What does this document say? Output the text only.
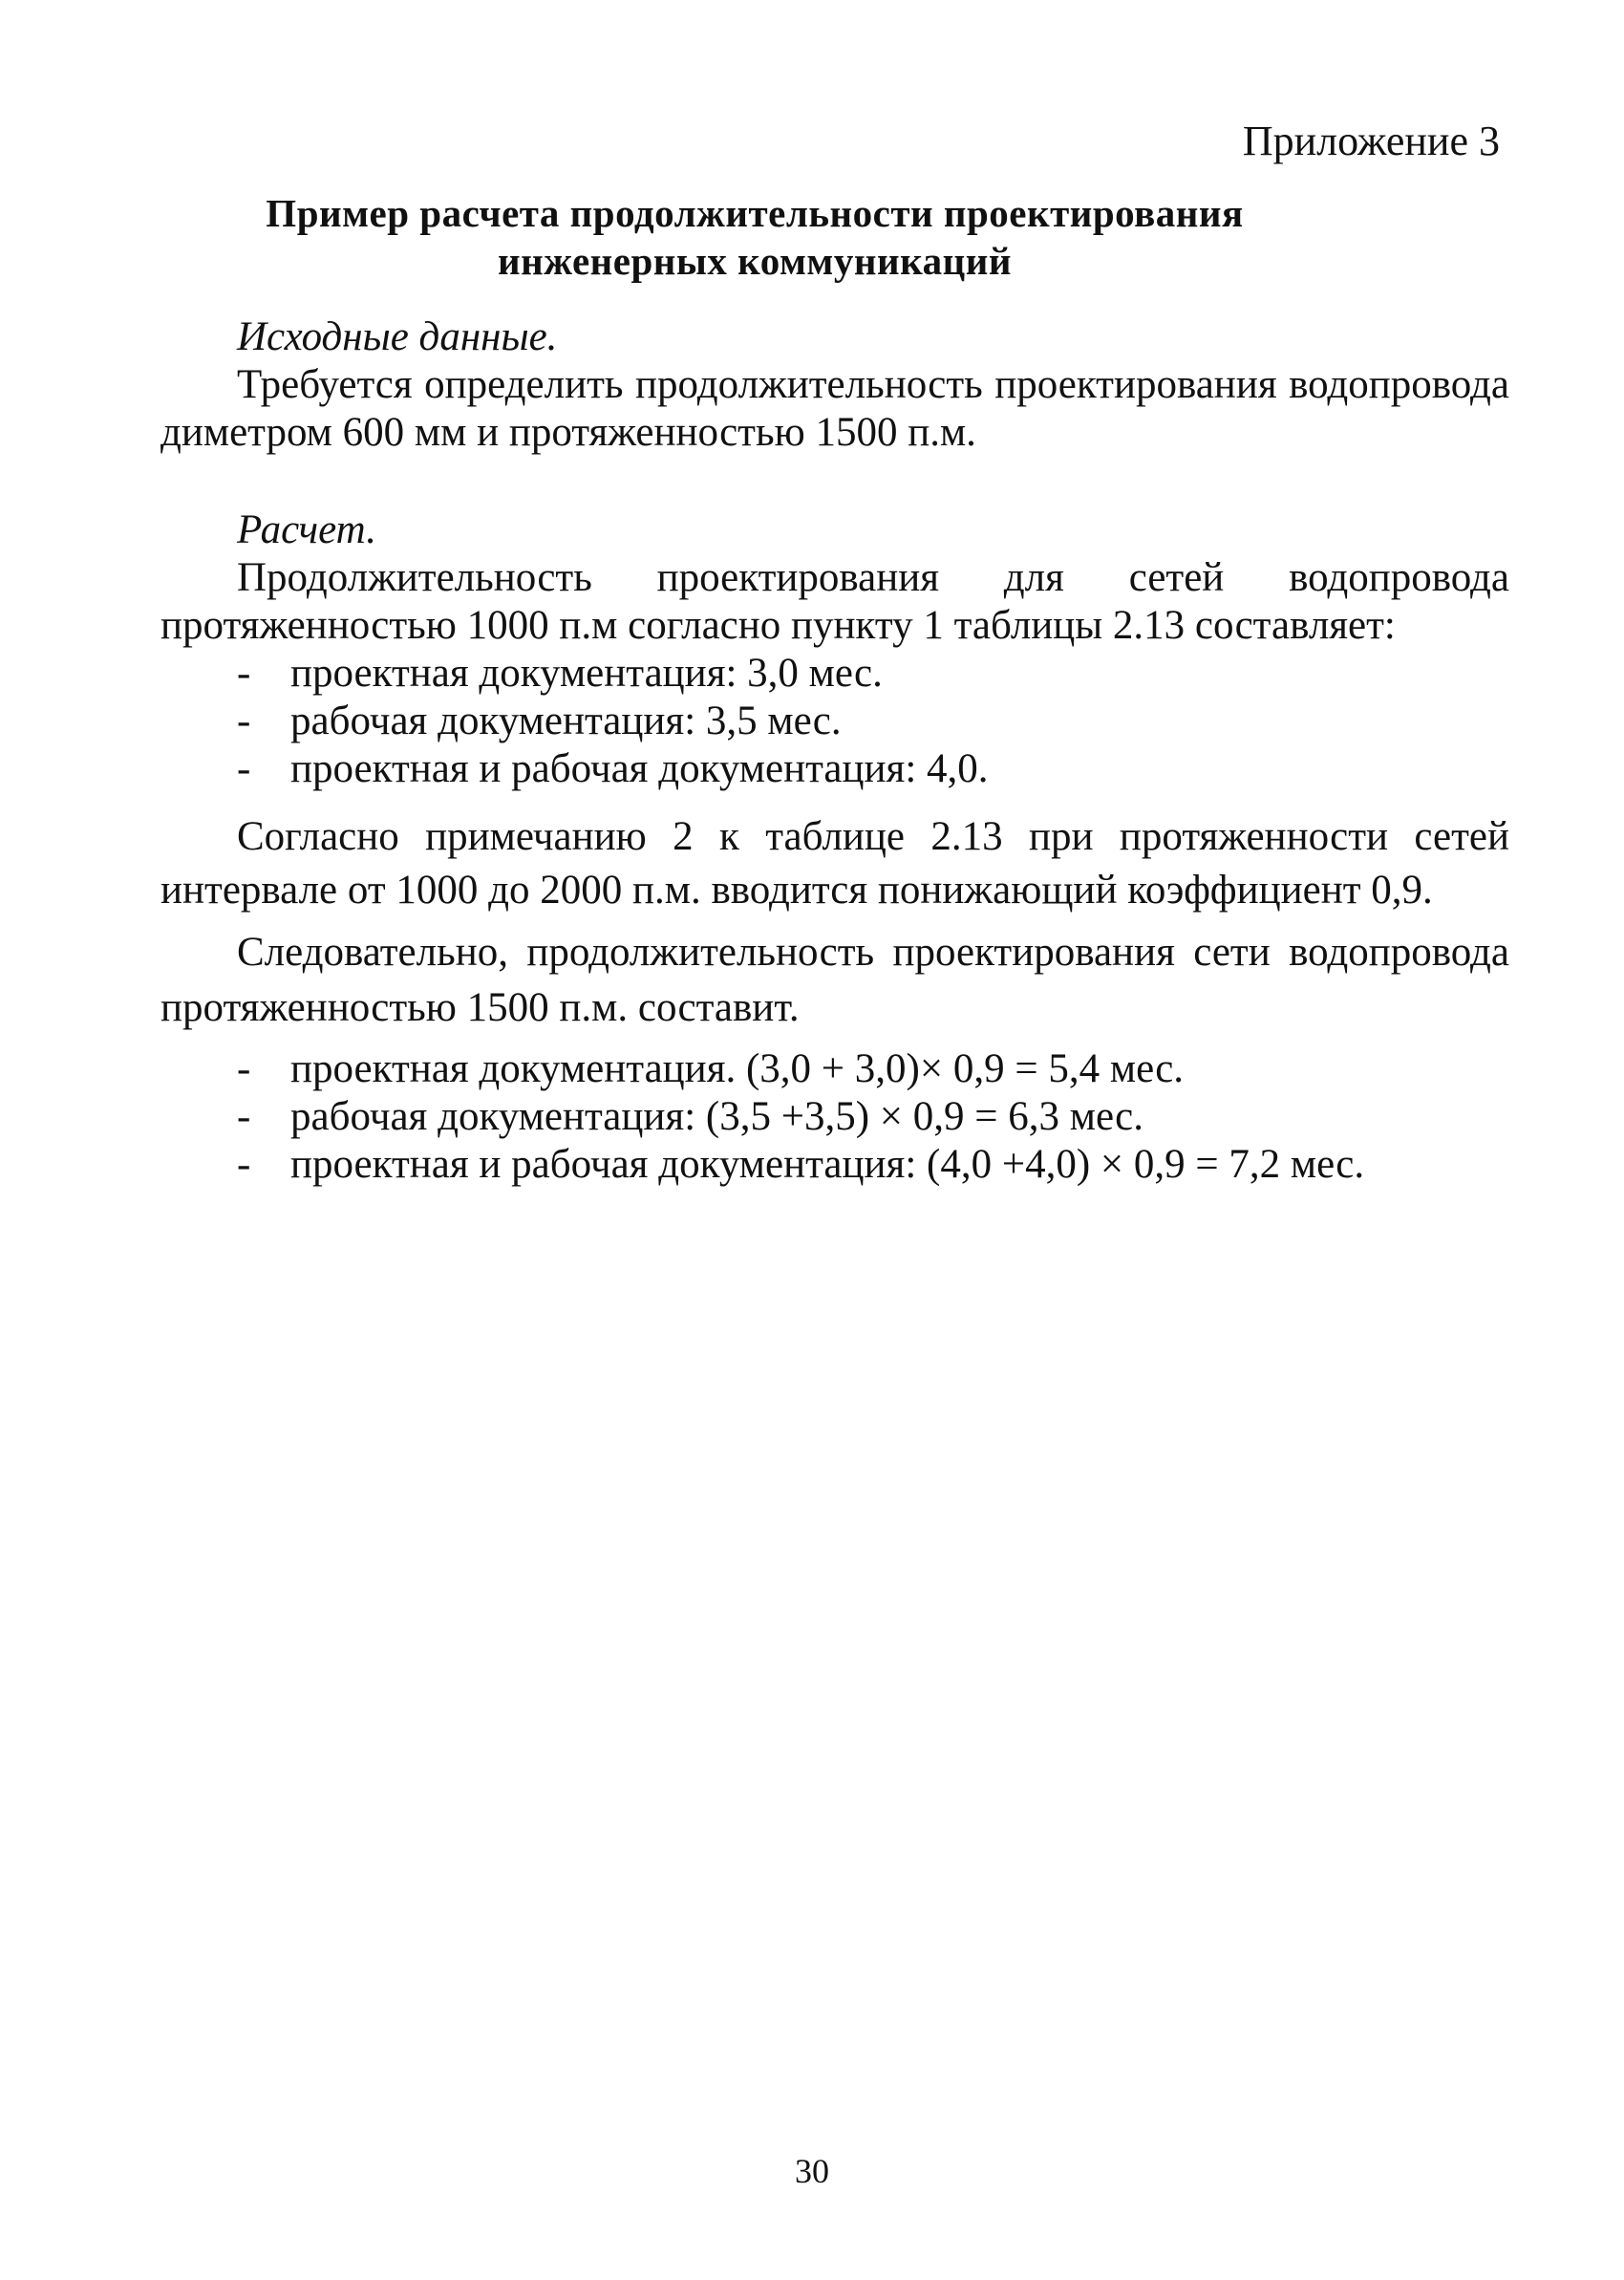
Приложение 3
Пример расчета продолжительности проектирования
инженерных коммуникаций
Исходные данные.

Требуется определить продолжительность проектирования водопровода диметром 600 мм и протяженностью 1500 п.м.

Расчет.

Продолжительность проектирования для сетей водопровода протяженностью 1000 п.м согласно пункту 1 таблицы 2.13 составляет:

- проектная документация: 3,0 мес.
- рабочая документация: 3,5 мес.
- проектная и рабочая документация: 4,0.

Согласно примечанию 2 к таблице 2.13 при протяженности сетей интервале от 1000 до 2000 п.м. вводится понижающий коэффициент 0,9.

Следовательно, продолжительность проектирования сети водопровода протяженностью 1500 п.м. составит.

- проектная документация. (3,0 + 3,0)× 0,9 = 5,4 мес.
- рабочая документация: (3,5 +3,5) × 0,9 = 6,3 мес.
- проектная и рабочая документация: (4,0 +4,0) × 0,9 = 7,2 мес.
30
